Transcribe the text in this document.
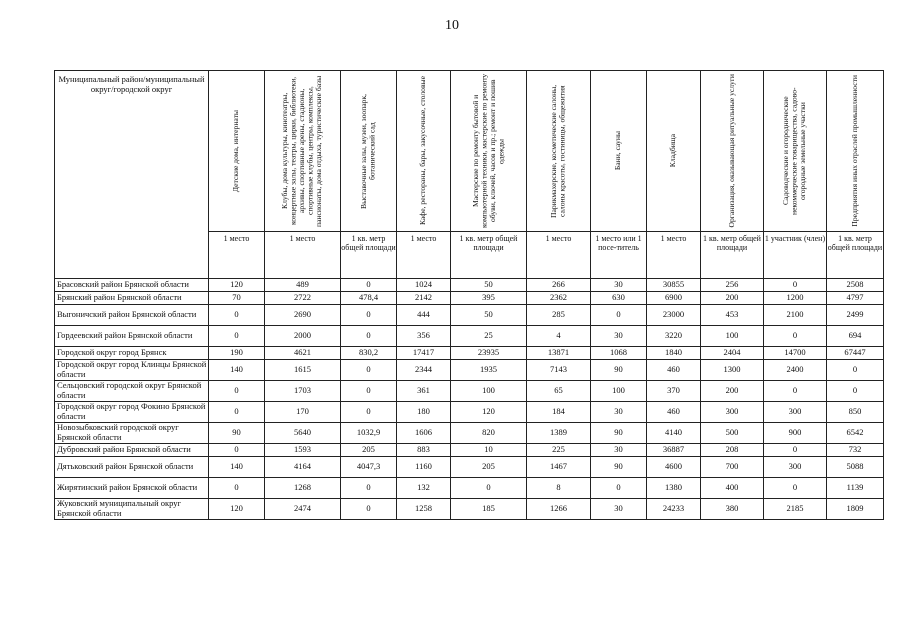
10
Муниципальный район/муниципальный округ/городской округ	Детские дома, интернаты	Клубы, дома культуры, кинотеатры, концертные залы, театры, цирки, библиотеки, архивы, спортивные арены, стадионы, спортивные клубы, центры, комплексы, пансионаты, дома отдыха, туристические базы	Выставочные залы, музеи, зоопарк, ботанический сад	Кафе, рестораны, бары, закусочные, столовые	Мастерские по ремонту бытовой и компьютерной техники, мастерские по ремонту обуви, ключей, часов и пр.; ремонт и пошив одежды	Парикмахерские, косметические салоны, салоны красоты, гостиницы, общежития	Бани, сауны	Кладбища	Организация, оказывающая ритуальные услуги	Садоводческие и огороднические некоммерческие товарищества, садово-огородные земельные участки	Предприятия иных отраслей промышленности

	1 место	1 место	1 кв. метр общей площади	1 место	1 кв. метр общей площади	1 место	1 место или 1 посе-титель	1 место	1 кв. метр общей площади	1 участник (член)	1 кв. метр общей площади
Брасовский район Брянской области	120	489	0	1024	50	266	30	30855	256	0	2508
Брянский район Брянской области	70	2722	478,4	2142	395	2362	630	6900	200	1200	4797
Выгоничский район Брянской области	0	2690	0	444	50	285	0	23000	453	2100	2499
Гордеевский район Брянской области	0	2000	0	356	25	4	30	3220	100	0	694
Городской округ город Брянск	190	4621	830,2	17417	23935	13871	1068	1840	2404	14700	67447
Городской округ город Клинцы Брянской области	140	1615	0	2344	1935	7143	90	460	1300	2400	0
Сельцовский городской округ Брянской области	0	1703	0	361	100	65	100	370	200	0	0
Городской округ город Фокино Брянской области	0	170	0	180	120	184	30	460	300	300	850
Новозыбковский городской округ Брянской области	90	5640	1032,9	1606	820	1389	90	4140	500	900	6542
Дубровский район Брянской области	0	1593	205	883	10	225	30	36887	208	0	732
Дятьковский район Брянской области	140	4164	4047,3	1160	205	1467	90	4600	700	300	5088
Жирятинский район Брянской области	0	1268	0	132	0	8	0	1380	400	0	1139
Жуковский муниципальный округ Брянской области	120	2474	0	1258	185	1266	30	24233	380	2185	1809
